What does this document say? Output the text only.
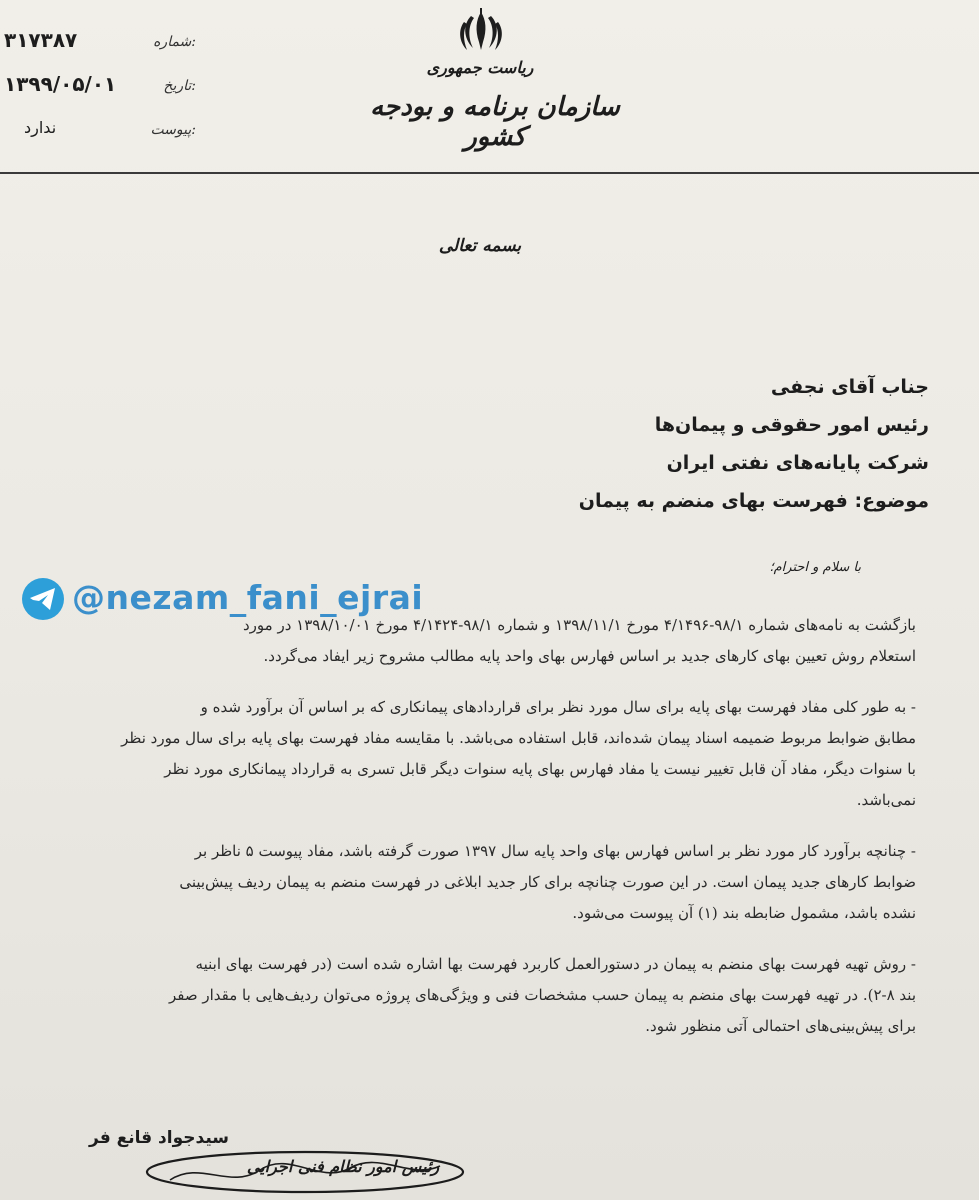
۳۱۷۳۸۷	شماره:
۱۳۹۹/۰۵/۰۱	تاریخ:
ندارد	پیوست:
ریاست جمهوری
سازمان برنامه و بودجه کشور
بسمه تعالی
جناب آقای نجفی
رئیس امور حقوقی و پیمان‌ها
شرکت پایانه‌های نفتی ایران
موضوع: فهرست بهای منضم به پیمان
با سلام و احترام؛
بازگشت به نامه‌های شماره ۹۸/۱-۴/۱۴۹۶ مورخ ۱۳۹۸/۱۱/۱ و شماره ۹۸/۱-۴/۱۴۲۴ مورخ ۱۳۹۸/۱۰/۰۱ در مورد
استعلام روش تعیین بهای کارهای جدید بر اساس فهارس بهای واحد پایه مطالب مشروح زیر ایفاد می‌گردد.
- به طور کلی مفاد فهرست بهای پایه برای سال مورد نظر برای قراردادهای پیمانکاری که بر اساس آن برآورد شده و
مطابق ضوابط مربوط ضمیمه اسناد پیمان شده‌اند، قابل استفاده می‌باشد. با مقایسه مفاد فهرست بهای پایه برای سال مورد نظر
با سنوات دیگر، مفاد آن قابل تغییر نیست یا مفاد فهارس بهای پایه سنوات دیگر قابل تسری به قرارداد پیمانکاری مورد نظر
نمی‌باشد.
- چنانچه برآورد کار مورد نظر بر اساس فهارس بهای واحد پایه سال ۱۳۹۷ صورت گرفته باشد، مفاد پیوست ۵ ناظر بر
ضوابط کارهای جدید پیمان است. در این صورت چنانچه برای کار جدید ابلاغی در فهرست منضم به پیمان ردیف پیش‌بینی
نشده باشد، مشمول ضابطه بند (۱) آن پیوست می‌شود.
- روش تهیه فهرست بهای منضم به پیمان در دستورالعمل کاربرد فهرست بها اشاره شده است (در فهرست بهای ابنیه
بند ۸-۲). در تهیه فهرست بهای منضم به پیمان حسب مشخصات فنی و ویژگی‌های پروژه می‌توان ردیف‌هایی با مقدار صفر
برای پیش‌بینی‌های احتمالی آتی منظور شود.
@nezam_fani_ejrai
سیدجواد قانع فر
رئیس امور نظام فنی اجرایی
